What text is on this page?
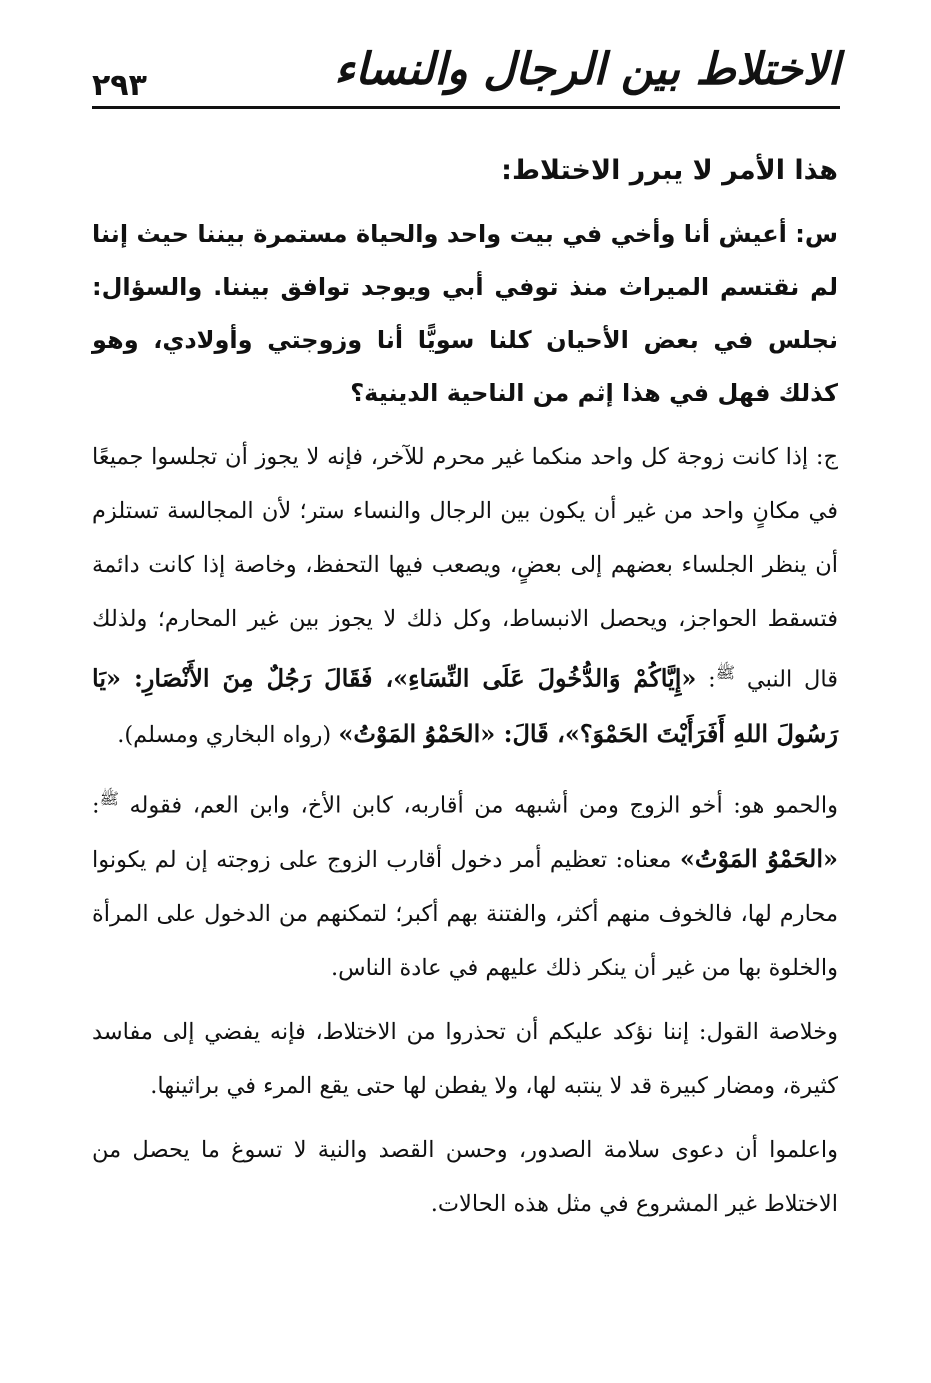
الاختلاط بين الرجال والنساء
٢٩٣
هذا الأمر لا يبرر الاختلاط:
س: أعيش أنا وأخي في بيت واحد والحياة مستمرة بيننا حيث إننا لم نقتسم الميراث منذ توفي أبي ويوجد توافق بيننا. والسؤال: نجلس في بعض الأحيان كلنا سويًّا أنا وزوجتي وأولادي، وهو كذلك فهل في هذا إثم من الناحية الدينية؟
ج: إذا كانت زوجة كل واحد منكما غير محرم للآخر، فإنه لا يجوز أن تجلسوا جميعًا في مكانٍ واحد من غير أن يكون بين الرجال والنساء ستر؛ لأن المجالسة تستلزم أن ينظر الجلساء بعضهم إلى بعضٍ، ويصعب فيها التحفظ، وخاصة إذا كانت دائمة فتسقط الحواجز، ويحصل الانبساط، وكل ذلك لا يجوز بين غير المحارم؛ ولذلك قال النبي $^ﷺ$: «إِيَّاكُمْ وَالدُّخُولَ عَلَى النِّسَاءِ»، فَقَالَ رَجُلٌ مِنَ الأَنْصَارِ: «يَا رَسُولَ اللهِ أَفَرَأَيْتَ الحَمْوَ؟»، قَالَ: «الحَمْوُ المَوْتُ» (رواه البخاري ومسلم).
والحمو هو: أخو الزوج ومن أشبهه من أقاربه، كابن الأخ، وابن العم، فقوله $^ﷺ$: «الحَمْوُ المَوْتُ» معناه: تعظيم أمر دخول أقارب الزوج على زوجته إن لم يكونوا محارم لها، فالخوف منهم أكثر، والفتنة بهم أكبر؛ لتمكنهم من الدخول على المرأة والخلوة بها من غير أن ينكر ذلك عليهم في عادة الناس.
وخلاصة القول: إننا نؤكد عليكم أن تحذروا من الاختلاط، فإنه يفضي إلى مفاسد كثيرة، ومضار كبيرة قد لا ينتبه لها، ولا يفطن لها حتى يقع المرء في براثينها.
واعلموا أن دعوى سلامة الصدور، وحسن القصد والنية لا تسوغ ما يحصل من الاختلاط غير المشروع في مثل هذه الحالات.
